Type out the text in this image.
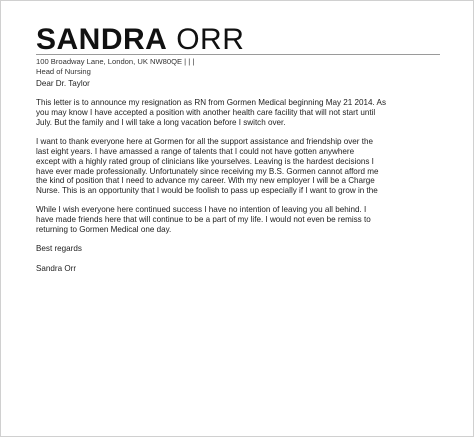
SANDRA ORR
100 Broadway Lane, London, UK NW80QE | | |
Head of Nursing

Dear Dr. Taylor

This letter is to announce my resignation as RN from Gormen Medical beginning May 21 2014. As
you may know I have accepted a position with another health care facility that will not start until
July. But the family and I will take a long vacation before I switch over.

I want to thank everyone here at Gormen for all the support assistance and friendship over the
last eight years. I have amassed a range of talents that I could not have gotten anywhere
except with a highly rated group of clinicians like yourselves. Leaving is the hardest decisions I
have ever made professionally. Unfortunately since receiving my B.S. Gormen cannot afford me
the kind of position that I need to advance my career. With my new employer I will be a Charge
Nurse. This is an opportunity that I would be foolish to pass up especially if I want to grow in the

While I wish everyone here continued success I have no intention of leaving you all behind. I
have made friends here that will continue to be a part of my life. I would not even be remiss to
returning to Gormen Medical one day.

Best regards

Sandra Orr
